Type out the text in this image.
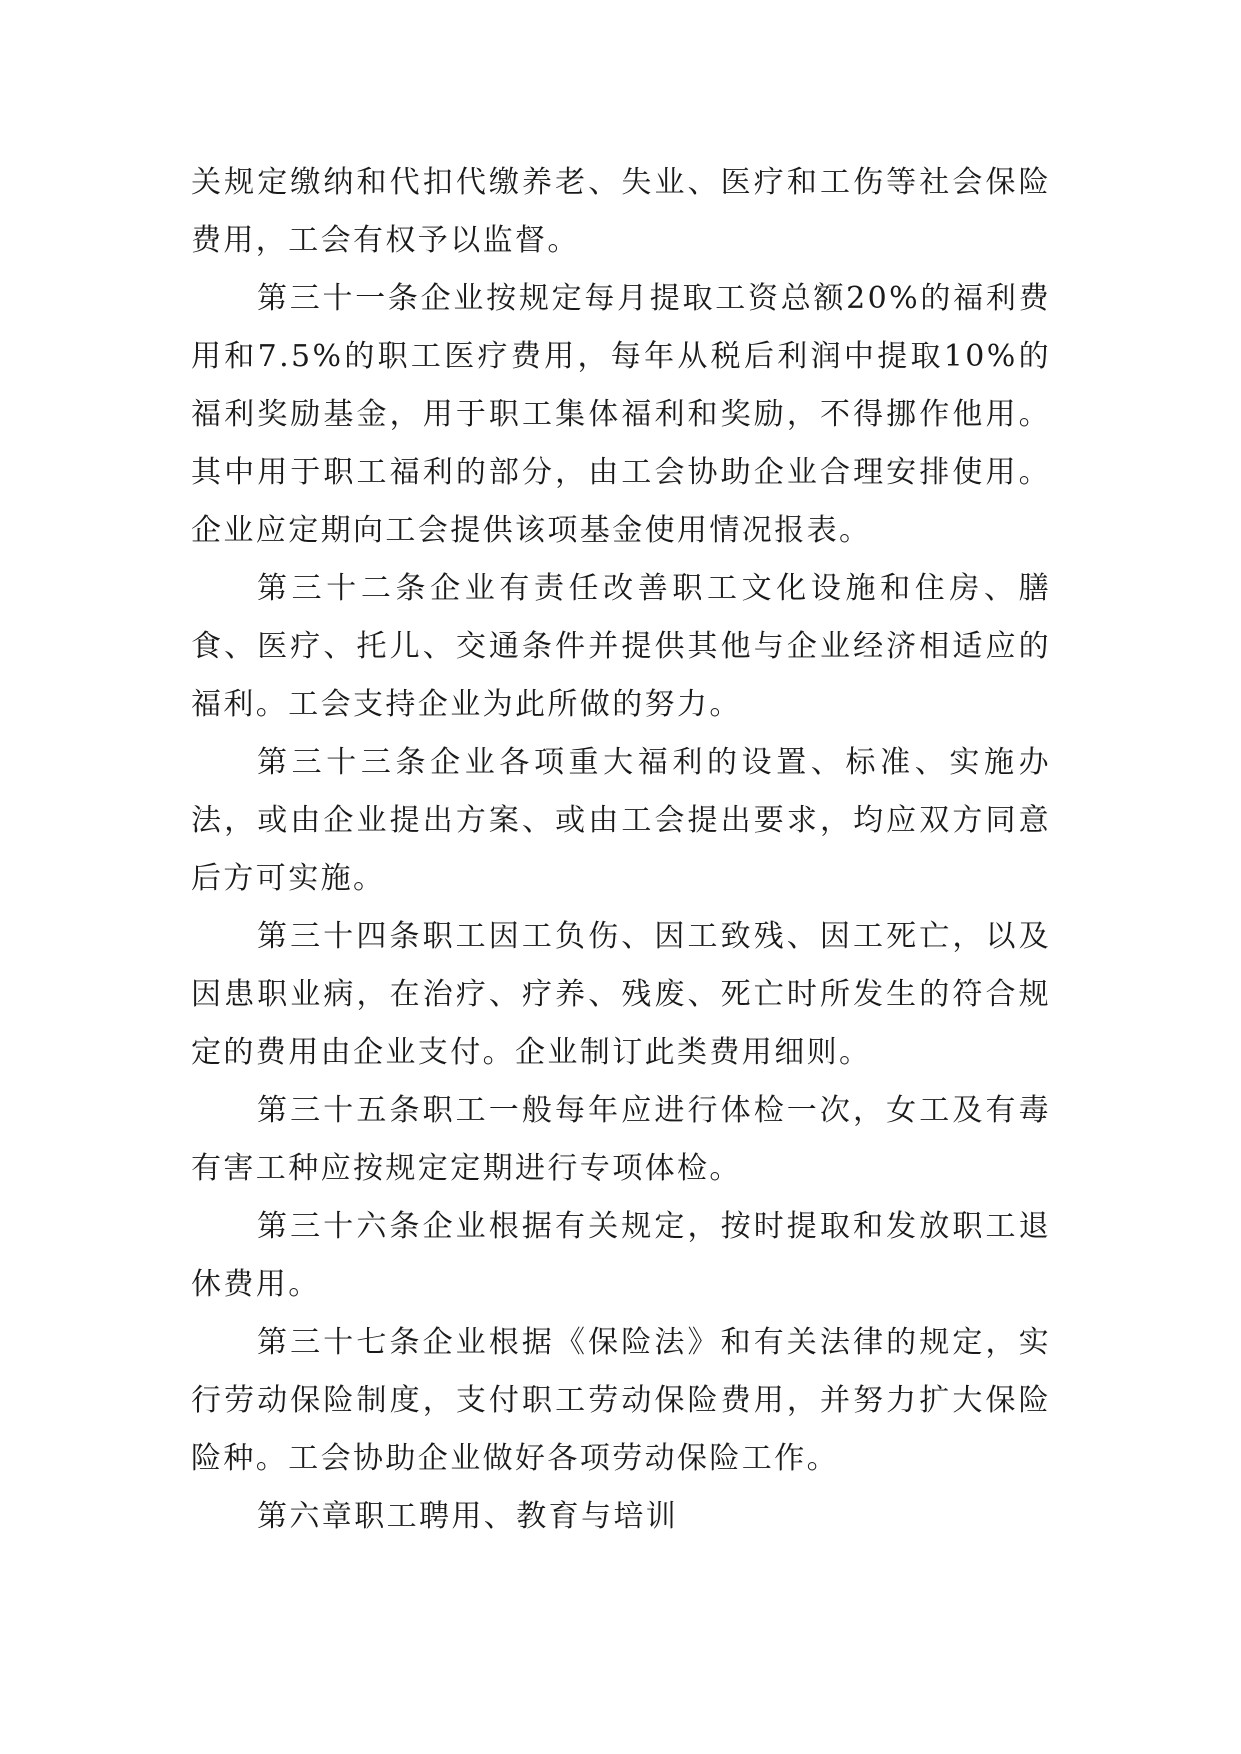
关规定缴纳和代扣代缴养老、失业、医疗和工伤等社会保险费用，工会有权予以监督。

第三十一条企业按规定每月提取工资总额20%的福利费用和7.5%的职工医疗费用，每年从税后利润中提取10%的福利奖励基金，用于职工集体福利和奖励，不得挪作他用。其中用于职工福利的部分，由工会协助企业合理安排使用。企业应定期向工会提供该项基金使用情况报表。

第三十二条企业有责任改善职工文化设施和住房、膳食、医疗、托儿、交通条件并提供其他与企业经济相适应的福利。工会支持企业为此所做的努力。

第三十三条企业各项重大福利的设置、标准、实施办法，或由企业提出方案、或由工会提出要求，均应双方同意后方可实施。

第三十四条职工因工负伤、因工致残、因工死亡，以及因患职业病，在治疗、疗养、残废、死亡时所发生的符合规定的费用由企业支付。企业制订此类费用细则。

第三十五条职工一般每年应进行体检一次，女工及有毒有害工种应按规定定期进行专项体检。

第三十六条企业根据有关规定，按时提取和发放职工退休费用。

第三十七条企业根据《保险法》和有关法律的规定，实行劳动保险制度，支付职工劳动保险费用，并努力扩大保险险种。工会协助企业做好各项劳动保险工作。

第六章职工聘用、教育与培训
